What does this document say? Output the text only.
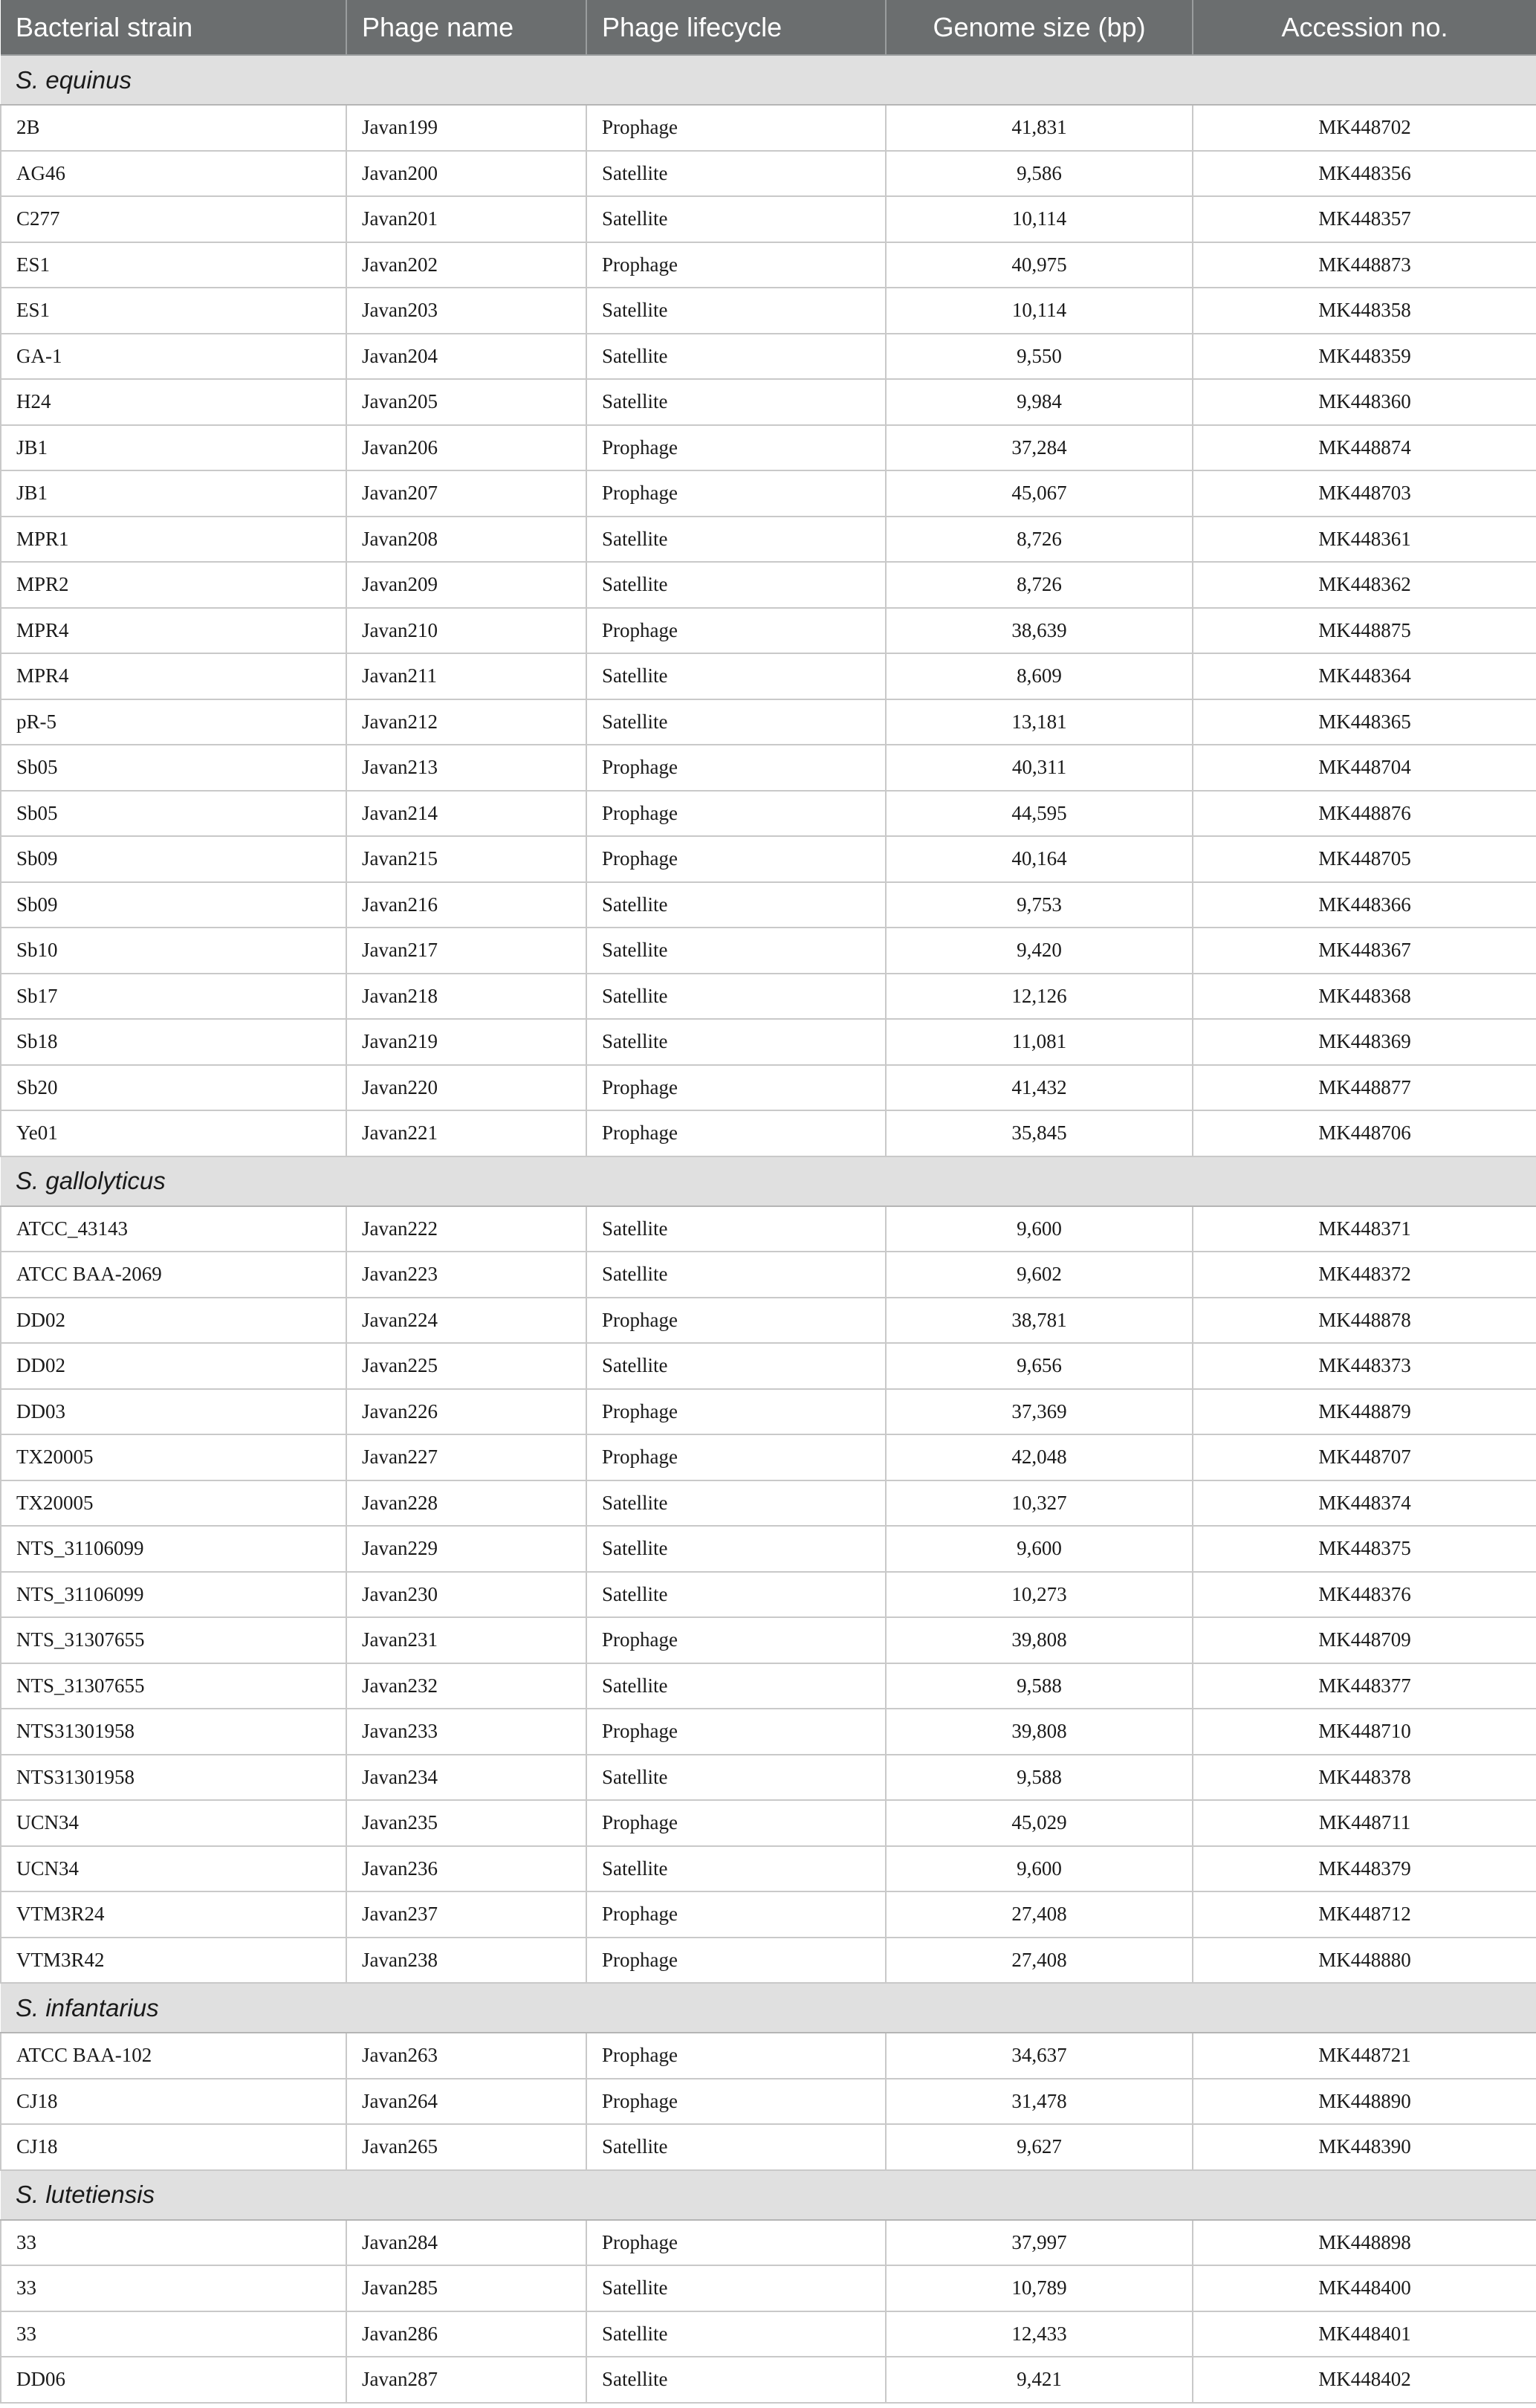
Bacterial strain	Phage name	Phage lifecycle	Genome size (bp)	Accession no.
S. equinus				
2B	Javan199	Prophage	41,831	MK448702
AG46	Javan200	Satellite	9,586	MK448356
C277	Javan201	Satellite	10,114	MK448357
ES1	Javan202	Prophage	40,975	MK448873
ES1	Javan203	Satellite	10,114	MK448358
GA-1	Javan204	Satellite	9,550	MK448359
H24	Javan205	Satellite	9,984	MK448360
JB1	Javan206	Prophage	37,284	MK448874
JB1	Javan207	Prophage	45,067	MK448703
MPR1	Javan208	Satellite	8,726	MK448361
MPR2	Javan209	Satellite	8,726	MK448362
MPR4	Javan210	Prophage	38,639	MK448875
MPR4	Javan211	Satellite	8,609	MK448364
pR-5	Javan212	Satellite	13,181	MK448365
Sb05	Javan213	Prophage	40,311	MK448704
Sb05	Javan214	Prophage	44,595	MK448876
Sb09	Javan215	Prophage	40,164	MK448705
Sb09	Javan216	Satellite	9,753	MK448366
Sb10	Javan217	Satellite	9,420	MK448367
Sb17	Javan218	Satellite	12,126	MK448368
Sb18	Javan219	Satellite	11,081	MK448369
Sb20	Javan220	Prophage	41,432	MK448877
Ye01	Javan221	Prophage	35,845	MK448706
S. gallolyticus				
ATCC_43143	Javan222	Satellite	9,600	MK448371
ATCC BAA-2069	Javan223	Satellite	9,602	MK448372
DD02	Javan224	Prophage	38,781	MK448878
DD02	Javan225	Satellite	9,656	MK448373
DD03	Javan226	Prophage	37,369	MK448879
TX20005	Javan227	Prophage	42,048	MK448707
TX20005	Javan228	Satellite	10,327	MK448374
NTS_31106099	Javan229	Satellite	9,600	MK448375
NTS_31106099	Javan230	Satellite	10,273	MK448376
NTS_31307655	Javan231	Prophage	39,808	MK448709
NTS_31307655	Javan232	Satellite	9,588	MK448377
NTS31301958	Javan233	Prophage	39,808	MK448710
NTS31301958	Javan234	Satellite	9,588	MK448378
UCN34	Javan235	Prophage	45,029	MK448711
UCN34	Javan236	Satellite	9,600	MK448379
VTM3R24	Javan237	Prophage	27,408	MK448712
VTM3R42	Javan238	Prophage	27,408	MK448880
S. infantarius				
ATCC BAA-102	Javan263	Prophage	34,637	MK448721
CJ18	Javan264	Prophage	31,478	MK448890
CJ18	Javan265	Satellite	9,627	MK448390
S. lutetiensis				
33	Javan284	Prophage	37,997	MK448898
33	Javan285	Satellite	10,789	MK448400
33	Javan286	Satellite	12,433	MK448401
DD06	Javan287	Satellite	9,421	MK448402
